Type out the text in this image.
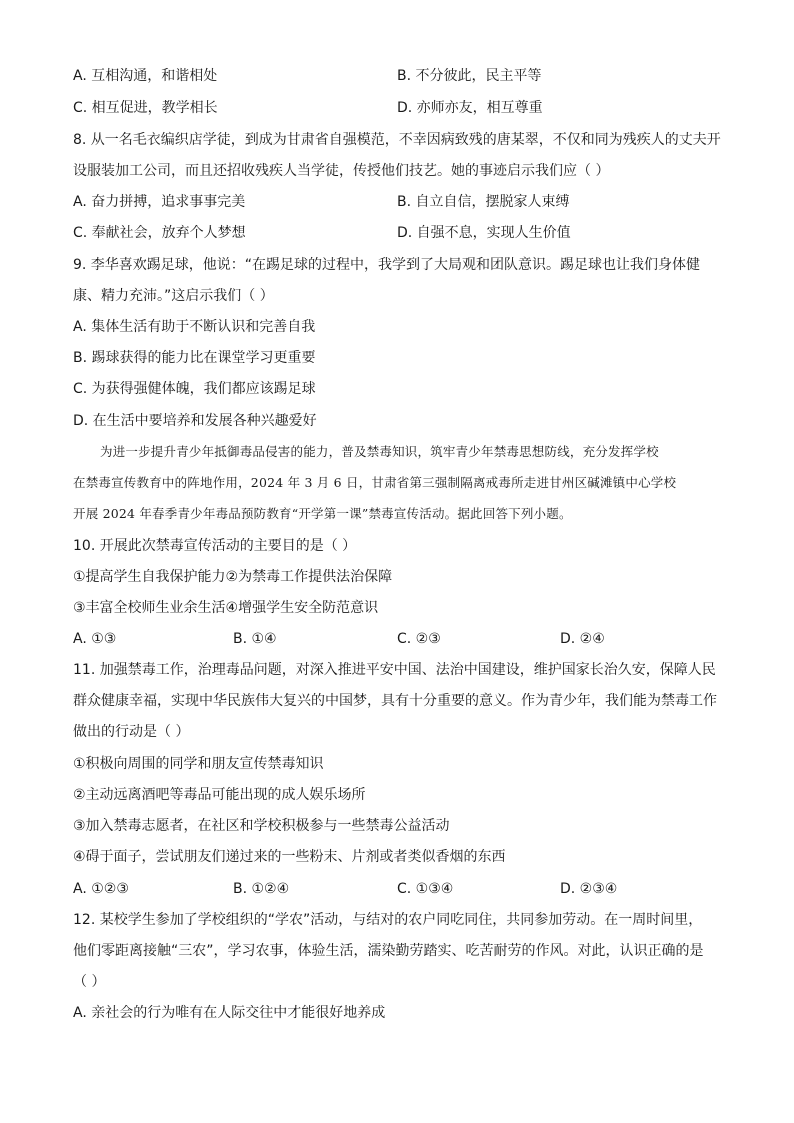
A. 互相沟通，和谐相处	B. 不分彼此，民主平等
C. 相互促进，教学相长	D. 亦师亦友，相互尊重
8. 从一名毛衣编织店学徒，到成为甘肃省自强模范，不幸因病致残的唐某翠，不仅和同为残疾人的丈夫开
设服装加工公司，而且还招收残疾人当学徒，传授他们技艺。她的事迹启示我们应（ ）
A. 奋力拼搏，追求事事完美	B. 自立自信，摆脱家人束缚
C. 奉献社会，放弃个人梦想	D. 自强不息，实现人生价值
9. 李华喜欢踢足球，他说：“在踢足球的过程中，我学到了大局观和团队意识。踢足球也让我们身体健
康、精力充沛。”这启示我们（ ）
A. 集体生活有助于不断认识和完善自我
B. 踢球获得的能力比在课堂学习更重要
C. 为获得强健体魄，我们都应该踢足球
D. 在生活中要培养和发展各种兴趣爱好
为进一步提升青少年抵御毒品侵害的能力，普及禁毒知识，筑牢青少年禁毒思想防线，充分发挥学校
在禁毒宣传教育中的阵地作用，2024 年 3 月 6 日，甘肃省第三强制隔离戒毒所走进甘州区碱滩镇中心学校
开展 2024 年春季青少年毒品预防教育“开学第一课”禁毒宣传活动。据此回答下列小题。
10. 开展此次禁毒宣传活动的主要目的是（ ）
①提高学生自我保护能力②为禁毒工作提供法治保障
③丰富全校师生业余生活④增强学生安全防范意识
A. ①③	B. ①④	C. ②③	D. ②④
11. 加强禁毒工作，治理毒品问题，对深入推进平安中国、法治中国建设，维护国家长治久安，保障人民
群众健康幸福，实现中华民族伟大复兴的中国梦，具有十分重要的意义。作为青少年，我们能为禁毒工作
做出的行动是（ ）
①积极向周围的同学和朋友宣传禁毒知识
②主动远离酒吧等毒品可能出现的成人娱乐场所
③加入禁毒志愿者，在社区和学校积极参与一些禁毒公益活动
④碍于面子，尝试朋友们递过来的一些粉末、片剂或者类似香烟的东西
A. ①②③	B. ①②④	C. ①③④	D. ②③④
12. 某校学生参加了学校组织的“学农”活动，与结对的农户同吃同住，共同参加劳动。在一周时间里，
他们零距离接触“三农”，学习农事，体验生活，濡染勤劳踏实、吃苦耐劳的作风。对此，认识正确的是
（ ）
A. 亲社会的行为唯有在人际交往中才能很好地养成
